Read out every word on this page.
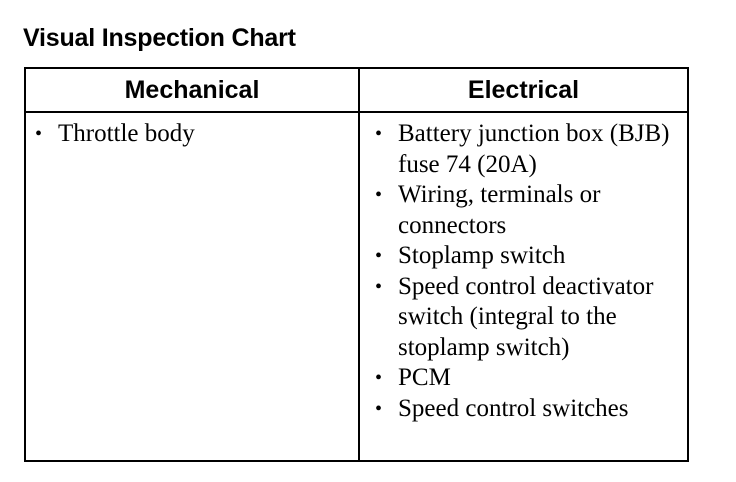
Visual Inspection Chart
Mechanical	Electrical
• Throttle body	• Battery junction box (BJB) fuse 74 (20A)
• Wiring, terminals or connectors
• Stoplamp switch
• Speed control deactivator switch (integral to the stoplamp switch)
• PCM
• Speed control switches
